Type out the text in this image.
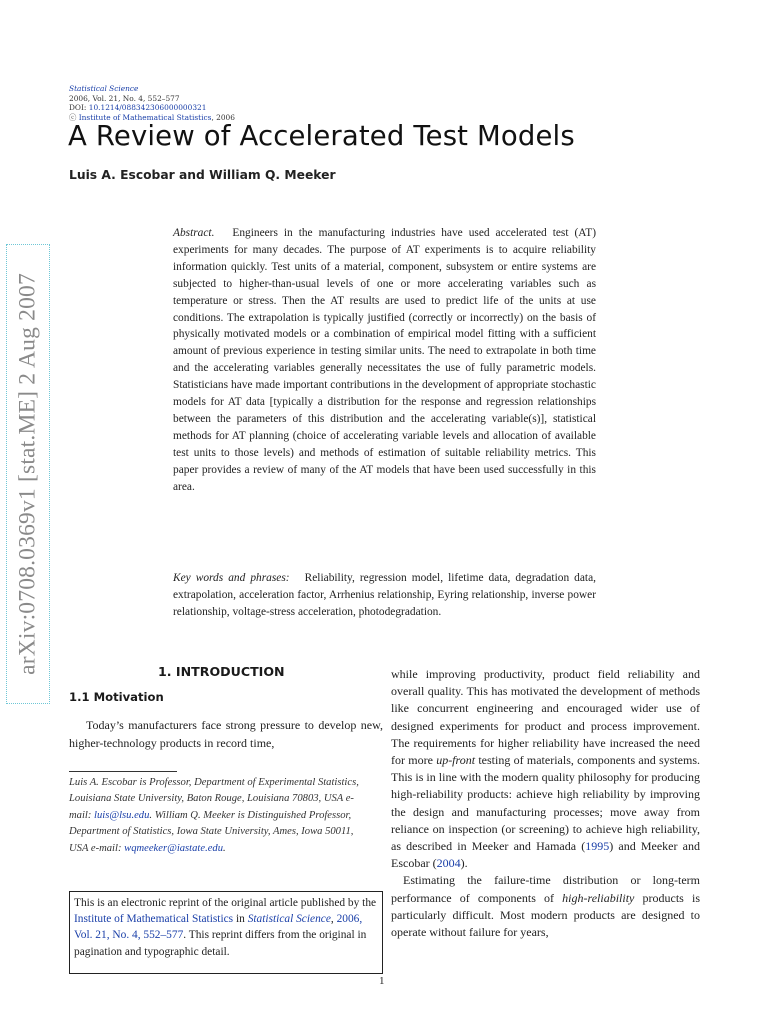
arXiv:0708.0369v1 [stat.ME] 2 Aug 2007
Statistical Science
2006, Vol. 21, No. 4, 552–577
DOI: 10.1214/088342306000000321
ⓒ Institute of Mathematical Statistics, 2006
A Review of Accelerated Test Models
Luis A. Escobar and William Q. Meeker
Abstract. Engineers in the manufacturing industries have used accelerated test (AT) experiments for many decades. The purpose of AT experiments is to acquire reliability information quickly. Test units of a material, component, subsystem or entire systems are subjected to higher-than-usual levels of one or more accelerating variables such as temperature or stress. Then the AT results are used to predict life of the units at use conditions. The extrapolation is typically justified (correctly or incorrectly) on the basis of physically motivated models or a combination of empirical model fitting with a sufficient amount of previous experience in testing similar units. The need to extrapolate in both time and the accelerating variables generally necessitates the use of fully parametric models. Statisticians have made important contributions in the development of appropriate stochastic models for AT data [typically a distribution for the response and regression relationships between the parameters of this distribution and the accelerating variable(s)], statistical methods for AT planning (choice of accelerating variable levels and allocation of available test units to those levels) and methods of estimation of suitable reliability metrics. This paper provides a review of many of the AT models that have been used successfully in this area.
Key words and phrases: Reliability, regression model, lifetime data, degradation data, extrapolation, acceleration factor, Arrhenius relationship, Eyring relationship, inverse power relationship, voltage-stress acceleration, photodegradation.
1. INTRODUCTION
1.1 Motivation
Today’s manufacturers face strong pressure to develop new, higher-technology products in record time,
Luis A. Escobar is Professor, Department of Experimental Statistics, Louisiana State University, Baton Rouge, Louisiana 70803, USA e-mail: luis@lsu.edu. William Q. Meeker is Distinguished Professor, Department of Statistics, Iowa State University, Ames, Iowa 50011, USA e-mail: wqmeeker@iastate.edu.
This is an electronic reprint of the original article published by the Institute of Mathematical Statistics in Statistical Science, 2006, Vol. 21, No. 4, 552–577. This reprint differs from the original in pagination and typographic detail.

while improving productivity, product field reliability and overall quality. This has motivated the development of methods like concurrent engineering and encouraged wider use of designed experiments for product and process improvement. The requirements for higher reliability have increased the need for more up-front testing of materials, components and systems. This is in line with the modern quality philosophy for producing high-reliability products: achieve high reliability by improving the design and manufacturing processes; move away from reliance on inspection (or screening) to achieve high reliability, as described in Meeker and Hamada (1995) and Meeker and Escobar (2004).

Estimating the failure-time distribution or long-term performance of components of high-reliability products is particularly difficult. Most modern products are designed to operate without failure for years,

1
